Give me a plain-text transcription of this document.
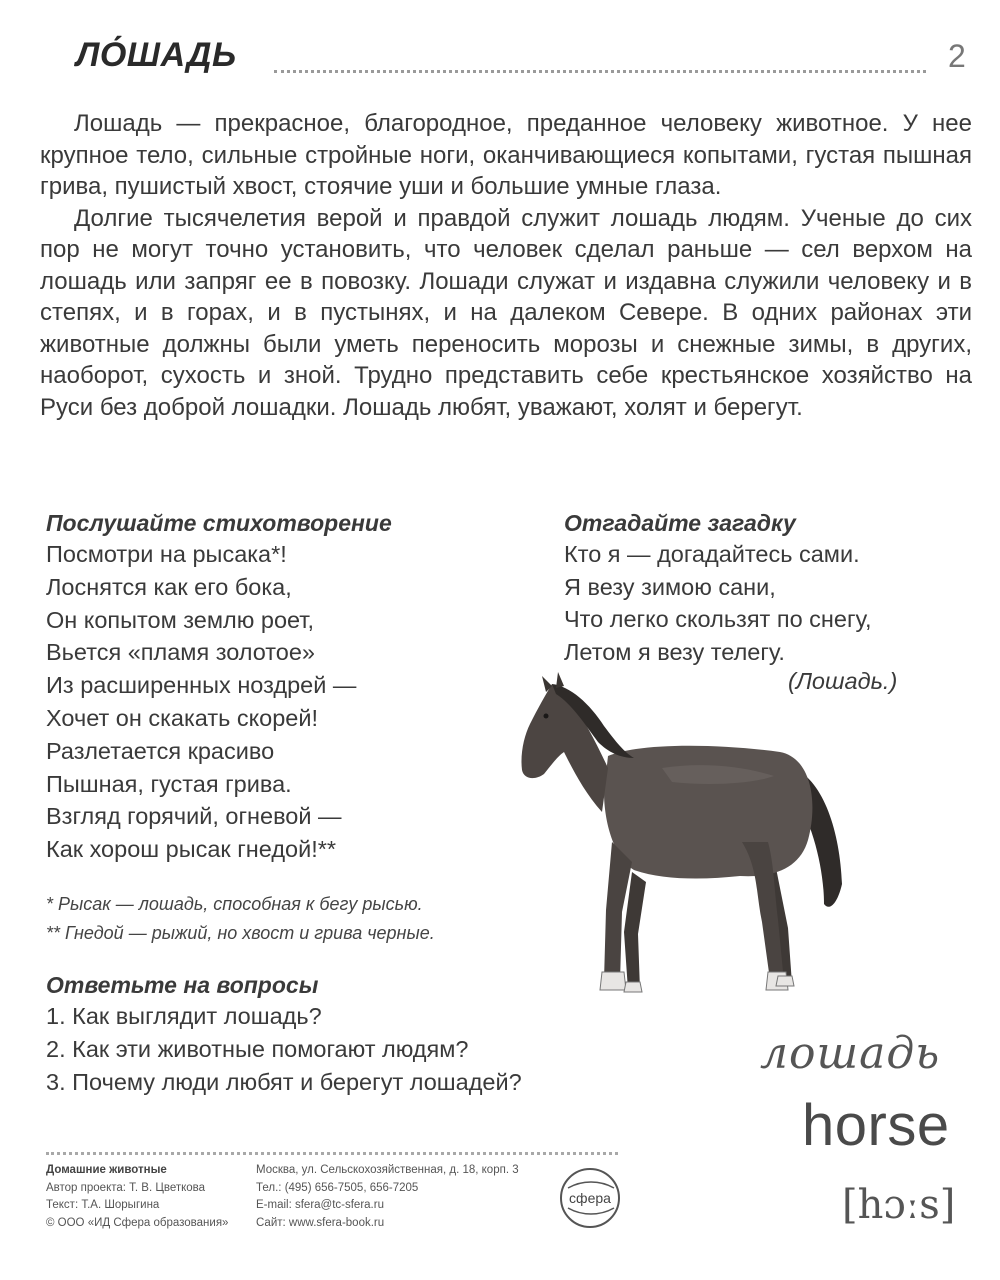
ЛО́ШАДЬ	2

Лошадь — прекрасное, благородное, преданное человеку животное. У нее крупное тело, сильные стройные ноги, оканчивающиеся копытами, густая пышная грива, пушистый хвост, стоячие уши и большие умные глаза.

Долгие тысячелетия верой и правдой служит лошадь людям. Ученые до сих пор не могут точно установить, что человек сделал раньше — сел верхом на лошадь или запряг ее в повозку. Лошади служат и издавна служили человеку и в степях, и в горах, и в пустынях, и на далеком Севере. В одних районах эти животные должны были уметь переносить морозы и снежные зимы, в других, наоборот, сухость и зной. Трудно представить себе крестьянское хозяйство на Руси без доброй лошадки. Лошадь любят, уважают, холят и берегут.

Послушайте стихотворение
Посмотри на рысака*!
Лоснятся как его бока,
Он копытом землю роет,
Вьется «пламя золотое»
Из расширенных ноздрей —
Хочет он скакать скорей!
Разлетается красиво
Пышная, густая грива.
Взгляд горячий, огневой —
Как хорош рысак гнедой!**
* Рысак — лошадь, способная к бегу рысью.
** Гнедой — рыжий, но хвост и грива черные.
Ответьте на вопросы
1. Как выглядит лошадь?
2. Как эти животные помогают людям?
3. Почему люди любят и берегут лошадей?
Отгадайте загадку
Кто я — догадайтесь сами.
Я везу зимою сани,
Что легко скользят по снегу,
Летом я везу телегу.
(Лошадь.)
лошадь
horse
[hɔːs]
Домашние животные
Автор проекта: Т. В. Цветкова
Текст: Т.А. Шорыгина
© ООО «ИД Сфера образования»
Москва, ул. Сельскохозяйственная, д. 18, корп. 3
Тел.: (495) 656-7505, 656-7205
E-mail: sfera@tc-sfera.ru
Сайт: www.sfera-book.ru
сфера
